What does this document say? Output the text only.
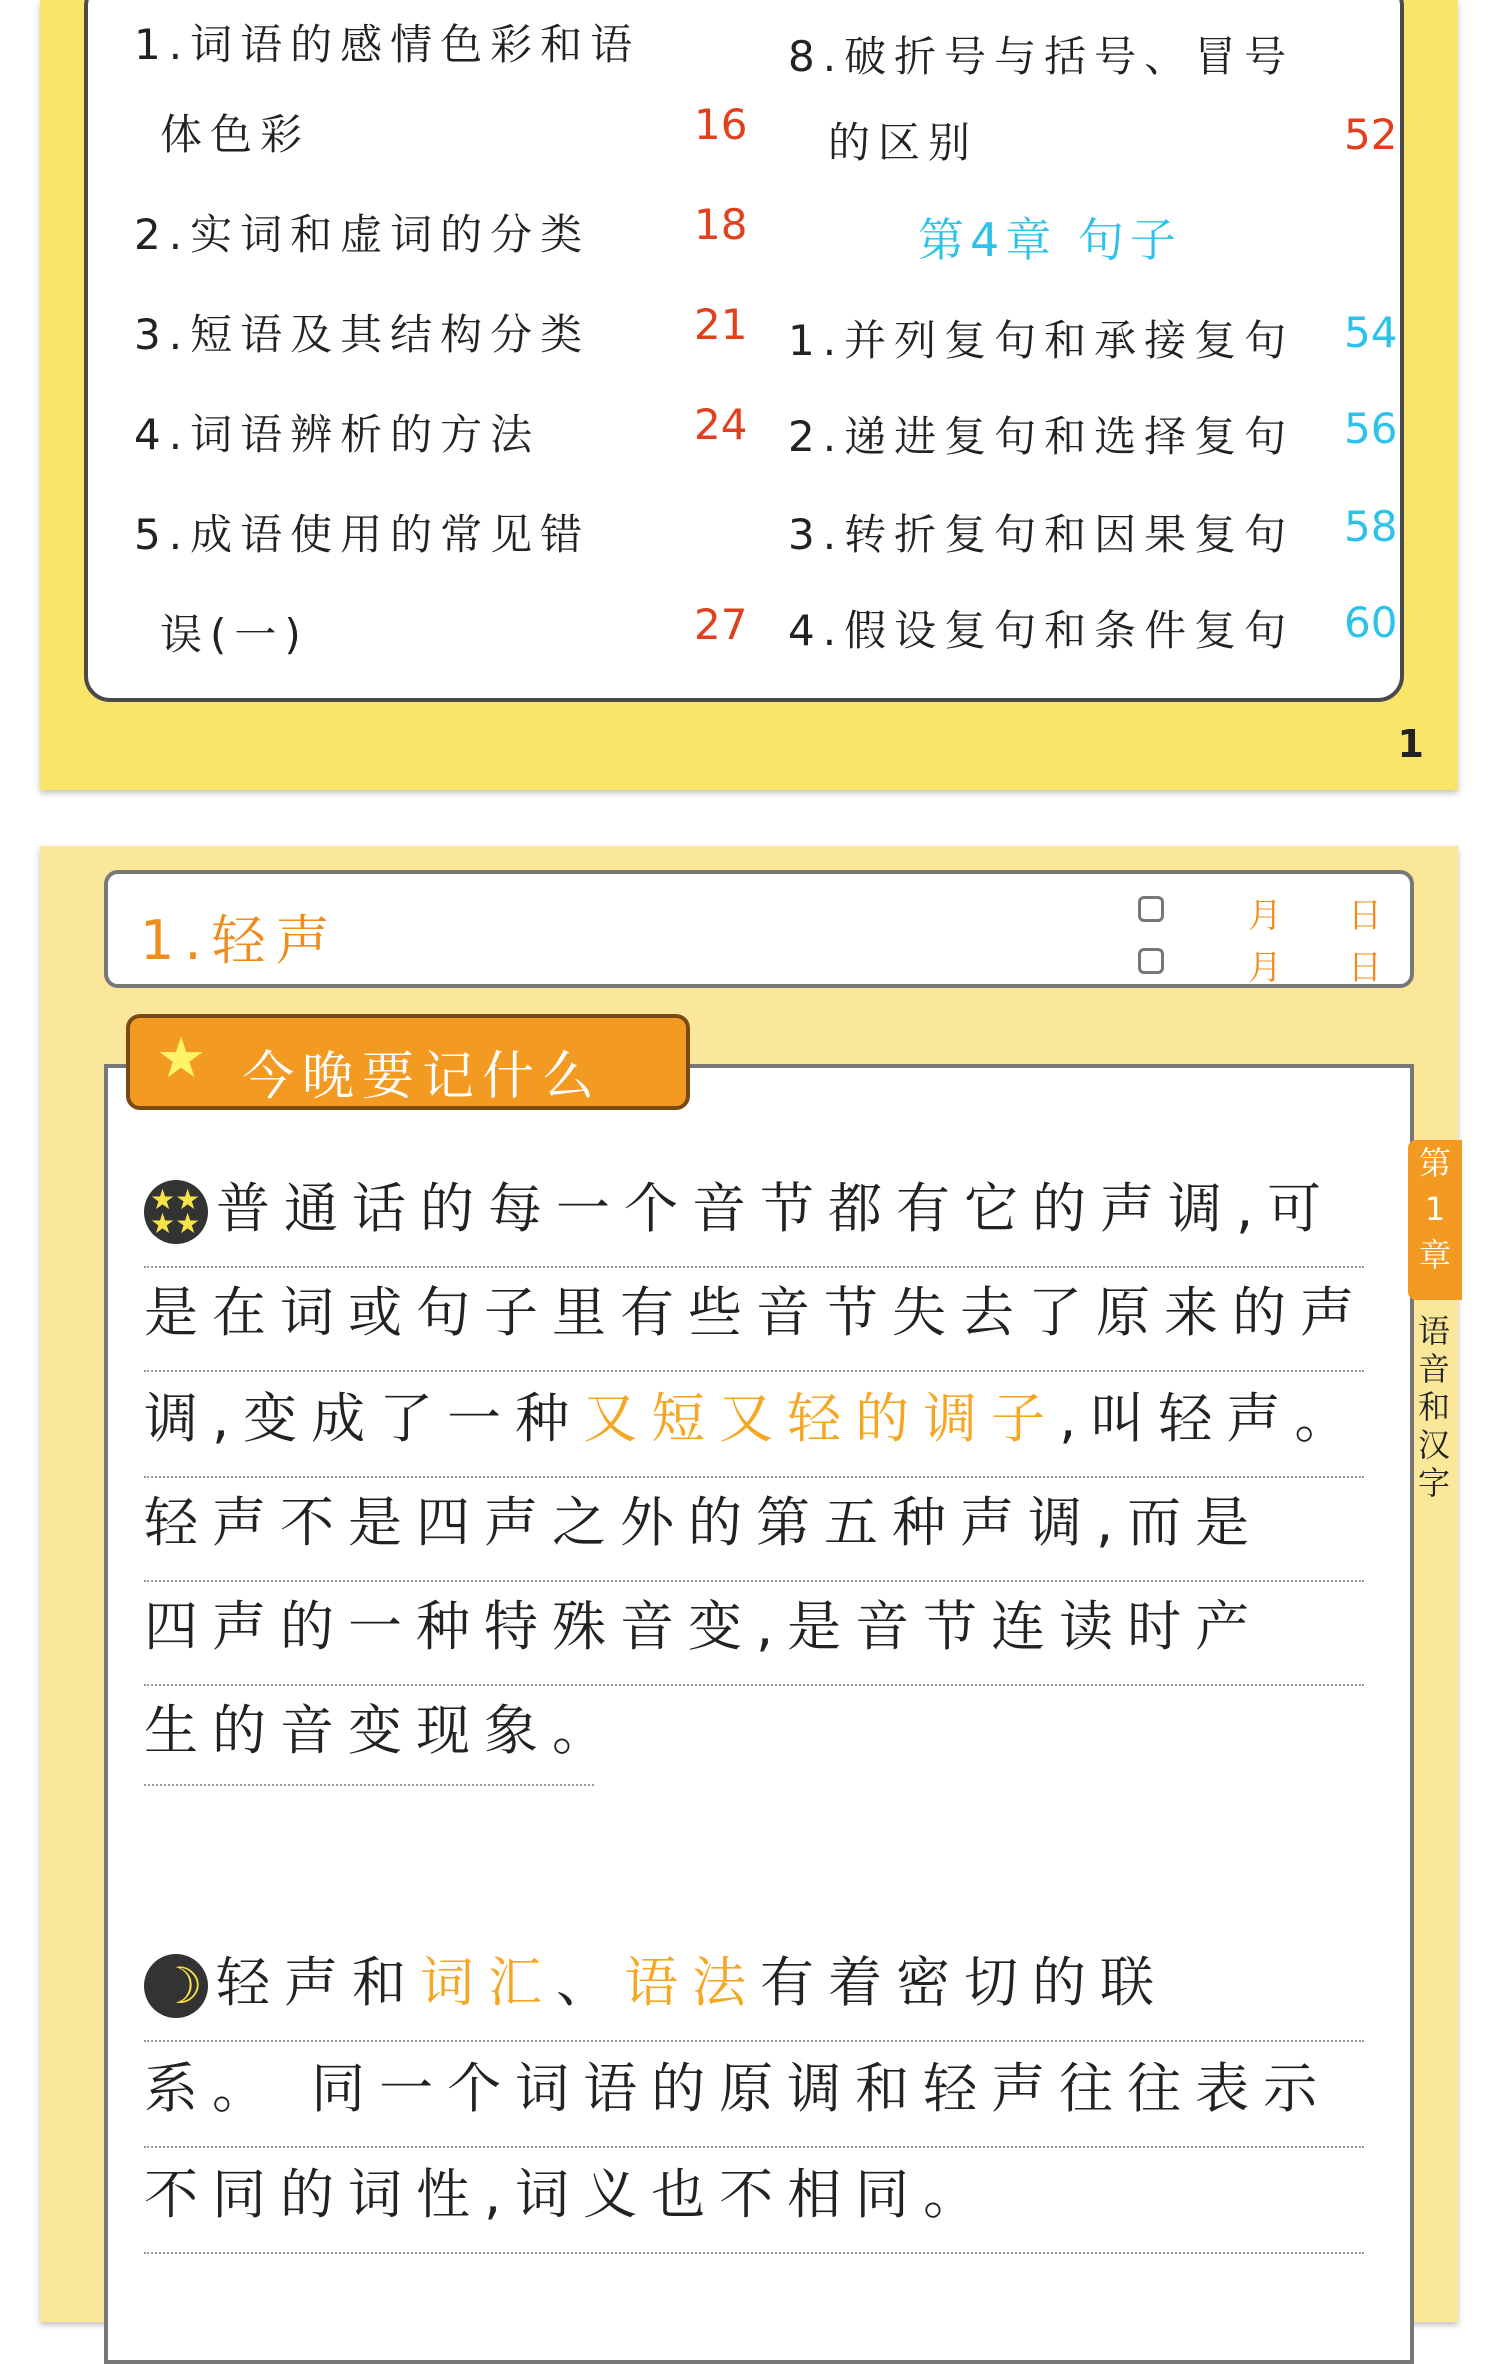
1.词语的感情色彩和语
体色彩	16
2.实词和虚词的分类 18
3.短语及其结构分类 21
4.词语辨析的方法	24
5.成语使用的常见错
误(一)	27
8.破折号与括号、冒号
的区别	52
第4章 句子
1.并列复句和承接复句 54
2.递进复句和选择复句 56
3.转折复句和因果复句 58
4.假设复句和条件复句 60
1
1.轻声	月 日
月 日
★★
★★ 普通话的每一个音节都有它的声调,可
是在词或句子里有些音节失去了原来的声
调,变成了一种又短又轻的调子,叫轻声。
轻声不是四声之外的第五种声调,而是
四声的一种特殊音变,是音节连读时产
生的音变现象。
☽ 轻声和词汇、语法有着密切的联
系。 同一个词语的原调和轻声往往表示
不同的词性,词义也不相同。
★ 今晚要记什么
第
1
章
语
音
和
汉
字
